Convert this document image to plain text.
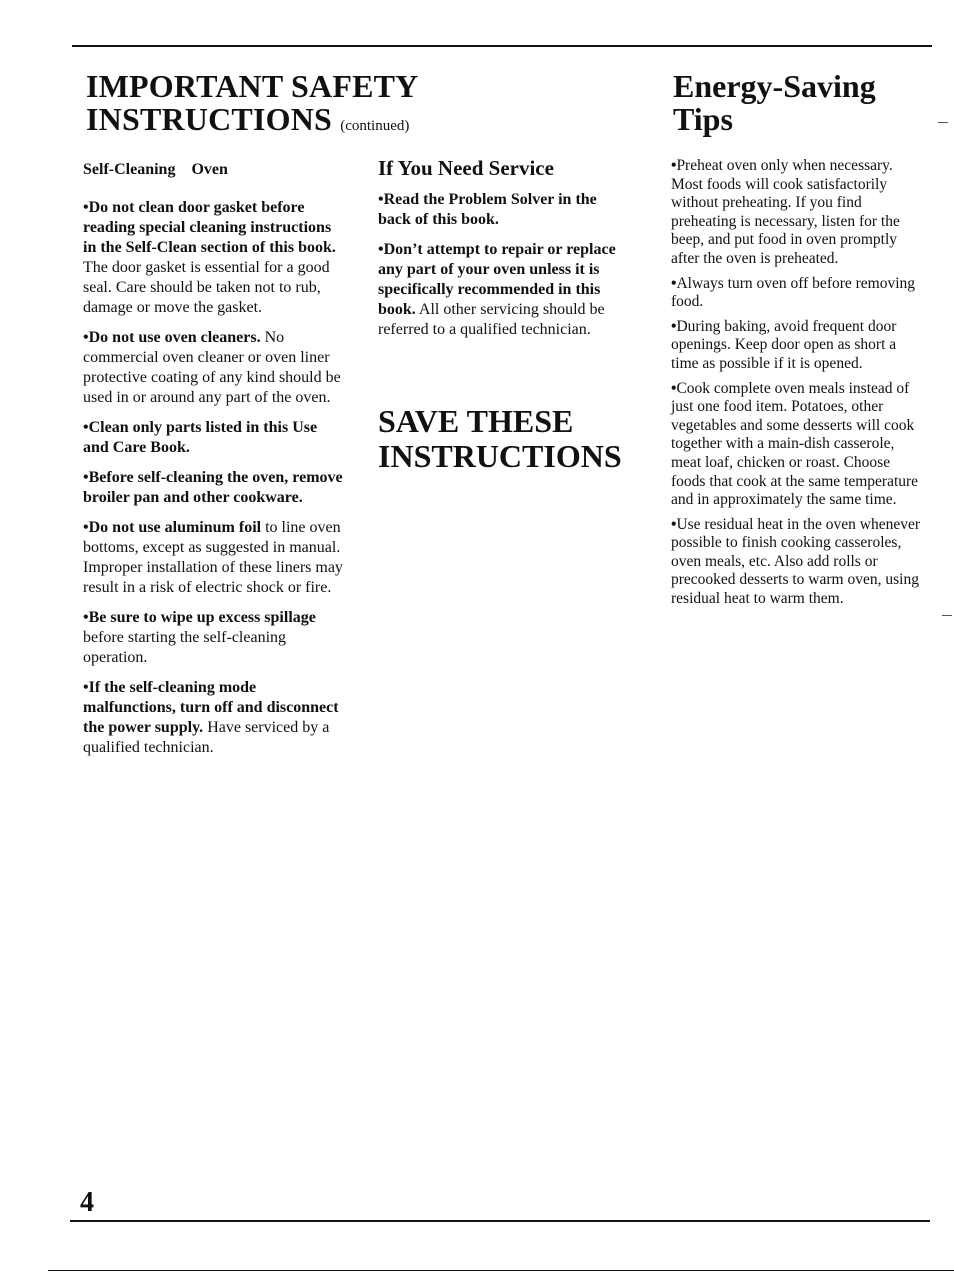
IMPORTANT SAFETY
INSTRUCTIONS (continued)
Energy-Saving
Tips

Self-Cleaning    Oven

•Do not clean door gasket before reading special cleaning instructions in the Self-Clean section of this book. The door gasket is essential for a good seal. Care should be taken not to rub, damage or move the gasket.

•Do not use oven cleaners. No commercial oven cleaner or oven liner protective coating of any kind should be used in or around any part of the oven.

•Clean only parts listed in this Use and Care Book.

•Before self-cleaning the oven, remove broiler pan and other cookware.

•Do not use aluminum foil to line oven bottoms, except as suggested in manual. Improper installation of these liners may result in a risk of electric shock or fire.

•Be sure to wipe up excess spillage before starting the self-cleaning operation.

•If the self-cleaning mode malfunctions, turn off and disconnect the power supply. Have serviced by a qualified technician.

If You Need Service

•Read the Problem Solver in the back of this book.

•Don’t attempt to repair or replace any part of your oven unless it is specifically recommended in this book. All other servicing should be referred to a qualified technician.

SAVE THESE
INSTRUCTIONS

•Preheat oven only when necessary. Most foods will cook satisfactorily without preheating. If you find preheating is necessary, listen for the beep, and put food in oven promptly after the oven is preheated.

•Always turn oven off before removing food.

•During baking, avoid frequent door openings. Keep door open as short a time as possible if it is opened.

•Cook complete oven meals instead of just one food item. Potatoes, other vegetables and some desserts will cook together with a main-dish casserole, meat loaf, chicken or roast. Choose foods that cook at the same temperature and in approximately the same time.

•Use residual heat in the oven whenever possible to finish cooking casseroles, oven meals, etc. Also add rolls or precooked desserts to warm oven, using residual heat to warm them.

4
